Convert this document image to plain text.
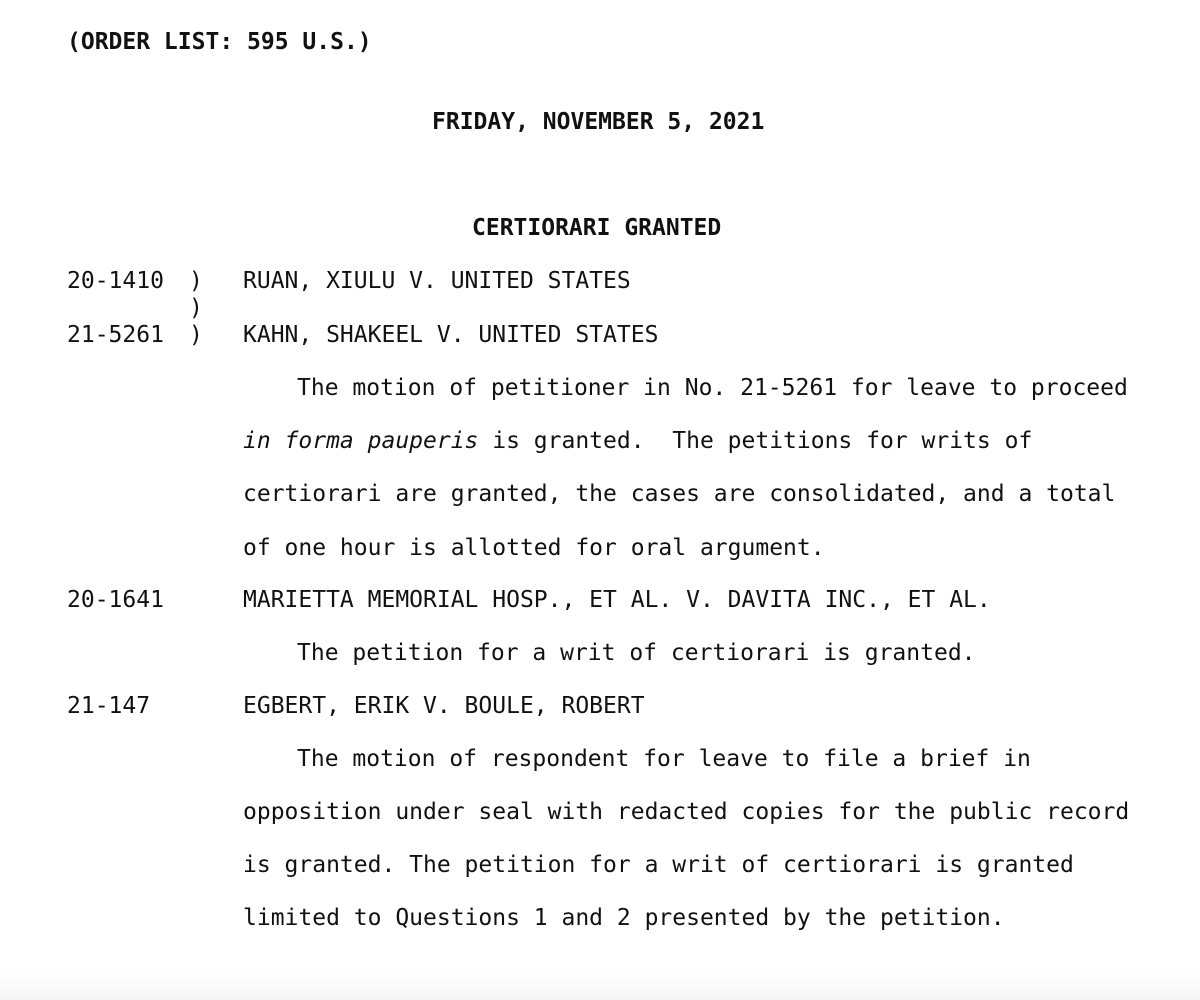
(ORDER LIST: 595 U.S.)
FRIDAY, NOVEMBER 5, 2021
CERTIORARI GRANTED
20-1410 )
)
)
21-5261
RUAN, XIULU V. UNITED STATES
KAHN, SHAKEEL V. UNITED STATES
The motion of petitioner in No. 21-5261 for leave to proceed
in forma pauperis is granted.  The petitions for writs of
certiorari are granted, the cases are consolidated, and a total
of one hour is allotted for oral argument.
20-1641	MARIETTA MEMORIAL HOSP., ET AL. V. DAVITA INC., ET AL.
The petition for a writ of certiorari is granted.
21-147	EGBERT, ERIK V. BOULE, ROBERT
The motion of respondent for leave to file a brief in
opposition under seal with redacted copies for the public record
is granted. The petition for a writ of certiorari is granted
limited to Questions 1 and 2 presented by the petition.
